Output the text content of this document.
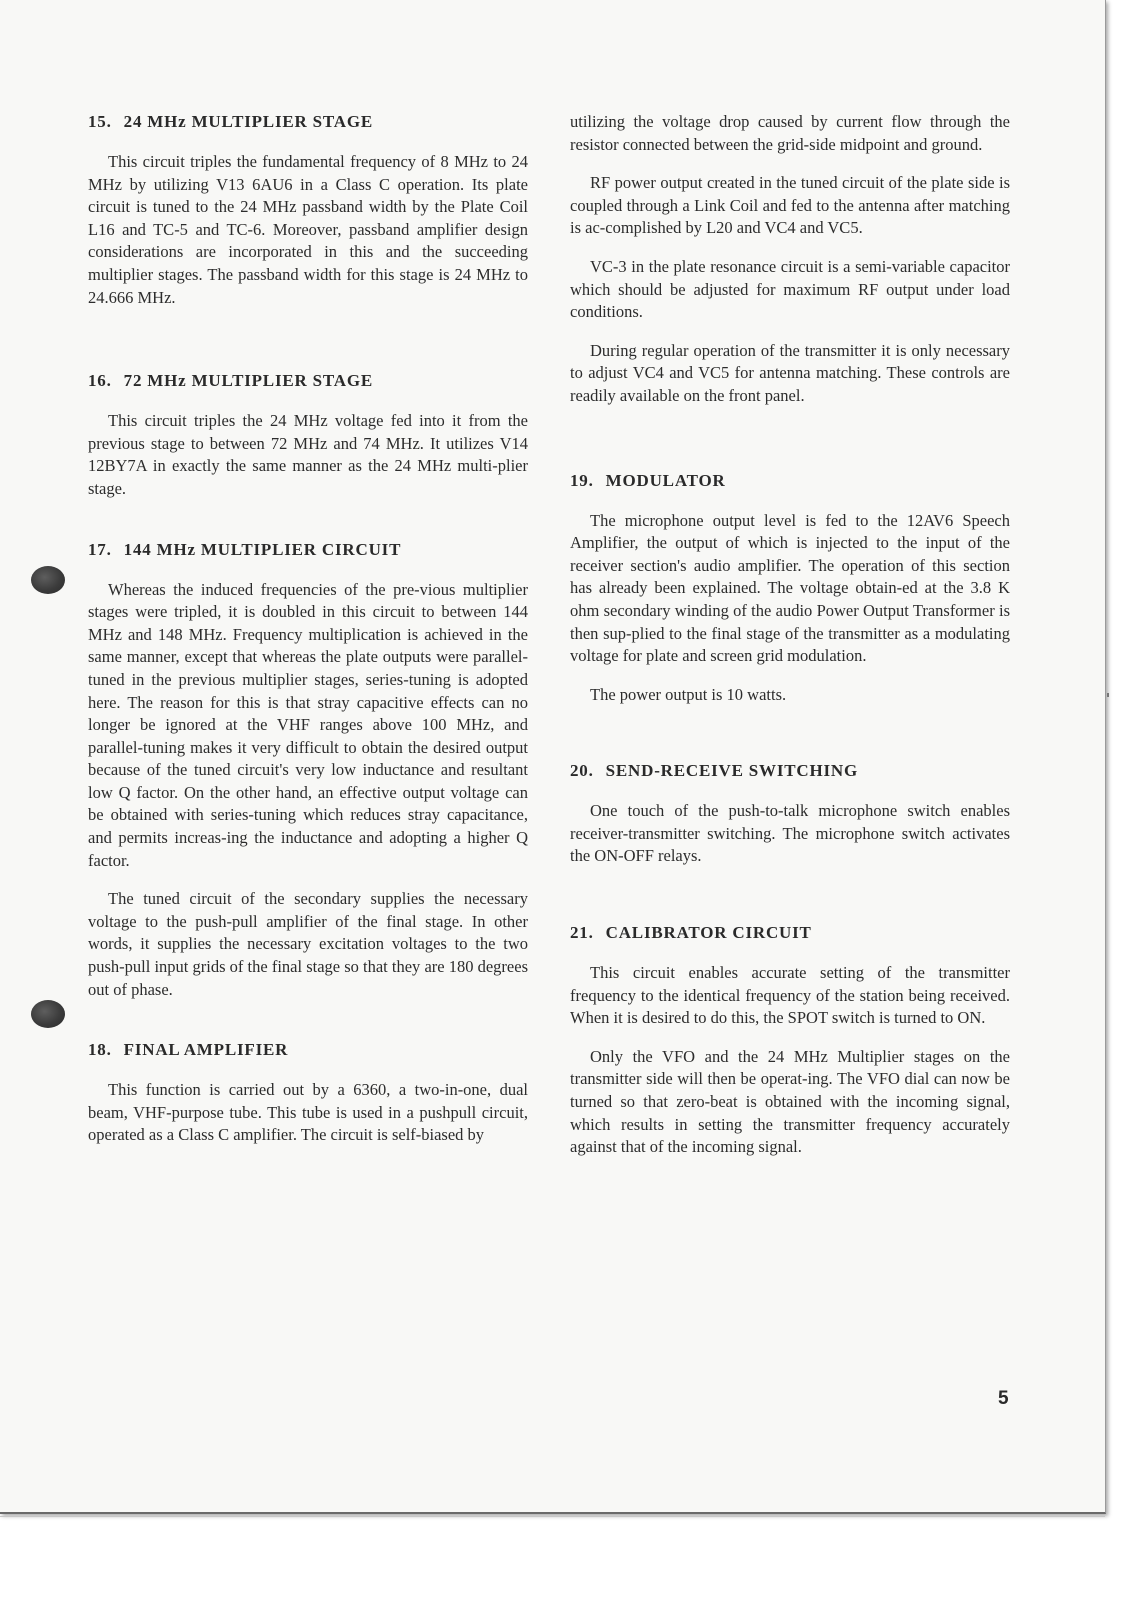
15. 24 MHz MULTIPLIER STAGE

This circuit triples the fundamental frequency of 8 MHz to 24 MHz by utilizing V13 6AU6 in a Class C operation. Its plate circuit is tuned to the 24 MHz passband width by the Plate Coil L16 and TC-5 and TC-6. Moreover, passband amplifier design considerations are incorporated in this and the succeeding multiplier stages. The passband width for this stage is 24 MHz to 24.666 MHz.

16. 72 MHz MULTIPLIER STAGE

This circuit triples the 24 MHz voltage fed into it from the previous stage to between 72 MHz and 74 MHz. It utilizes V14 12BY7A in exactly the same manner as the 24 MHz multi-plier stage.

17. 144 MHz MULTIPLIER CIRCUIT

Whereas the induced frequencies of the pre-vious multiplier stages were tripled, it is doubled in this circuit to between 144 MHz and 148 MHz. Frequency multiplication is achieved in the same manner, except that whereas the plate outputs were parallel-tuned in the previous multiplier stages, series-tuning is adopted here. The reason for this is that stray capacitive effects can no longer be ignored at the VHF ranges above 100 MHz, and parallel-tuning makes it very difficult to obtain the desired output because of the tuned circuit's very low inductance and resultant low Q factor. On the other hand, an effective output voltage can be obtained with series-tuning which reduces stray capacitance, and permits increas-ing the inductance and adopting a higher Q factor.

The tuned circuit of the secondary supplies the necessary voltage to the push-pull amplifier of the final stage. In other words, it supplies the necessary excitation voltages to the two push-pull input grids of the final stage so that they are 180 degrees out of phase.

18. FINAL AMPLIFIER

This function is carried out by a 6360, a two-in-one, dual beam, VHF-purpose tube. This tube is used in a pushpull circuit, operated as a Class C amplifier. The circuit is self-biased by

utilizing the voltage drop caused by current flow through the resistor connected between the grid-side midpoint and ground.

RF power output created in the tuned circuit of the plate side is coupled through a Link Coil and fed to the antenna after matching is ac-complished by L20 and VC4 and VC5.

VC-3 in the plate resonance circuit is a semi-variable capacitor which should be adjusted for maximum RF output under load conditions.

During regular operation of the transmitter it is only necessary to adjust VC4 and VC5 for antenna matching. These controls are readily available on the front panel.

19. MODULATOR

The microphone output level is fed to the 12AV6 Speech Amplifier, the output of which is injected to the input of the receiver section's audio amplifier. The operation of this section has already been explained. The voltage obtain-ed at the 3.8 K ohm secondary winding of the audio Power Output Transformer is then sup-plied to the final stage of the transmitter as a modulating voltage for plate and screen grid modulation.

The power output is 10 watts.

20. SEND-RECEIVE SWITCHING

One touch of the push-to-talk microphone switch enables receiver-transmitter switching. The microphone switch activates the ON-OFF relays.

21. CALIBRATOR CIRCUIT

This circuit enables accurate setting of the transmitter frequency to the identical frequency of the station being received. When it is desired to do this, the SPOT switch is turned to ON.

Only the VFO and the 24 MHz Multiplier stages on the transmitter side will then be operat-ing. The VFO dial can now be turned so that zero-beat is obtained with the incoming signal, which results in setting the transmitter frequency accurately against that of the incoming signal.

5
